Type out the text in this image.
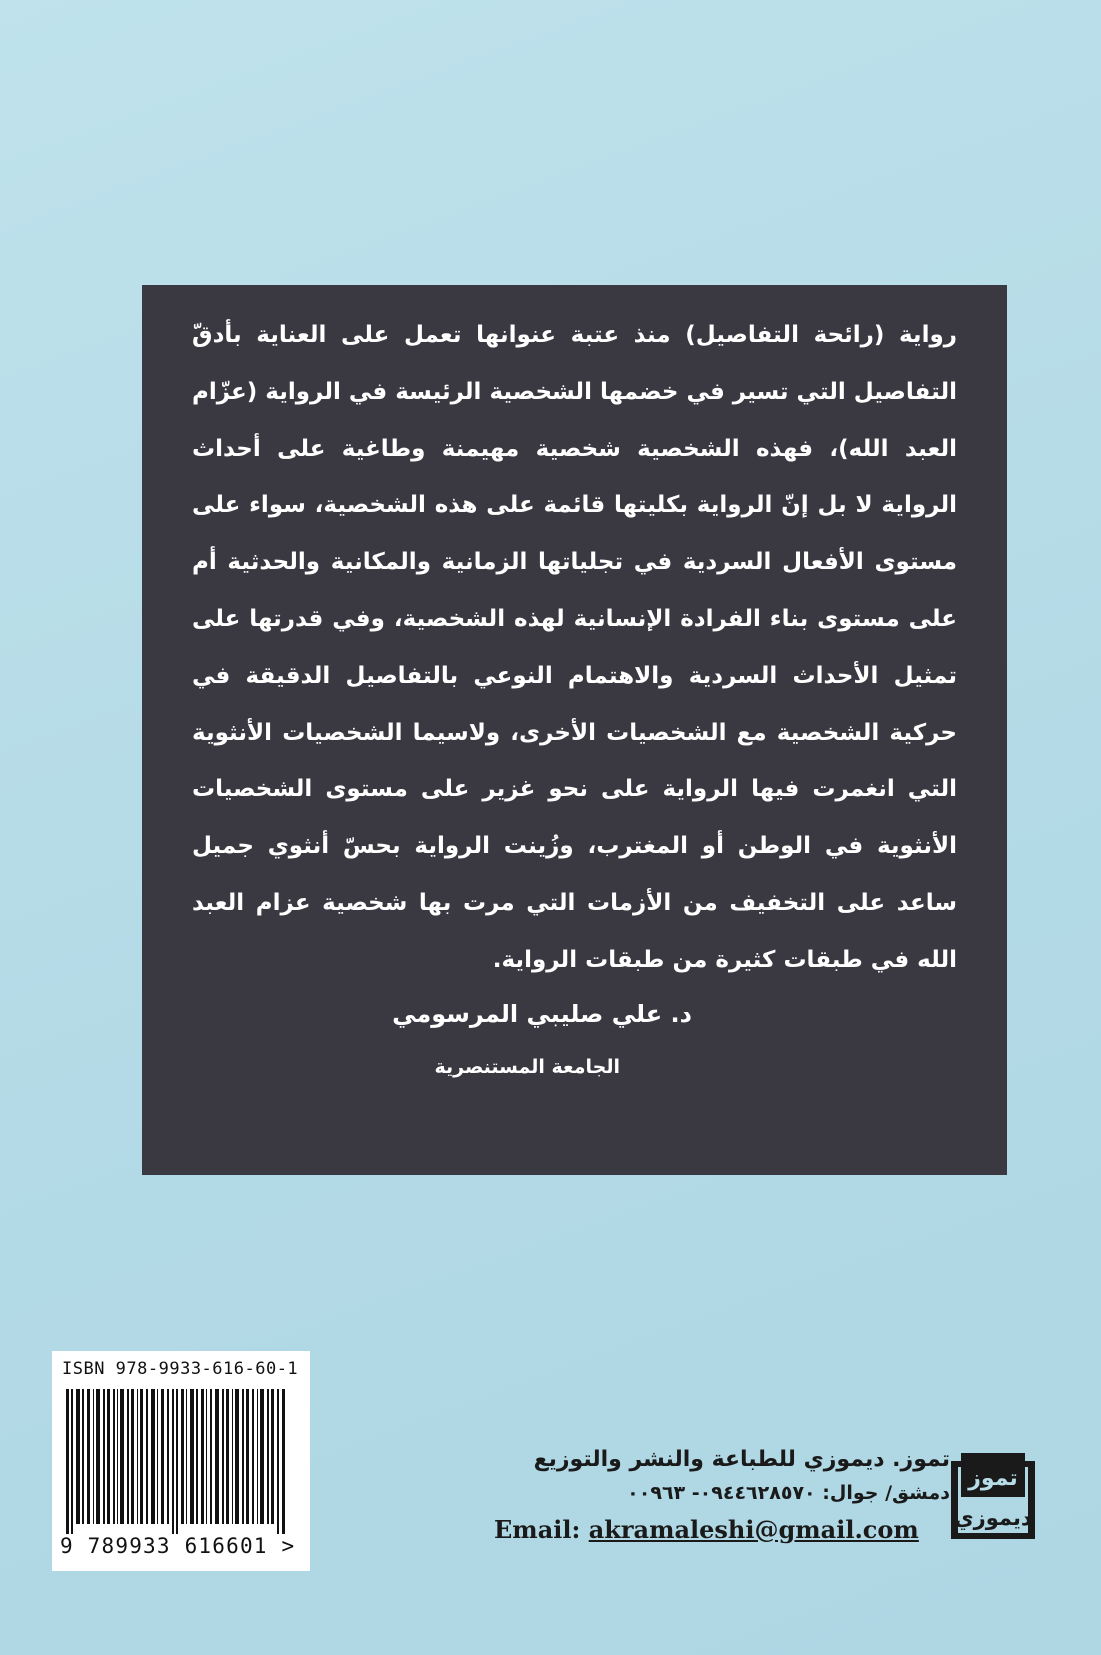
رواية (رائحة التفاصيل) منذ عتبة عنوانها تعمل على العناية بأدقّ التفاصيل التي تسير في خضمها الشخصية الرئيسة في الرواية (عزّام العبد الله)، فهذه الشخصية شخصية مهيمنة وطاغية على أحداث الرواية لا بل إنّ الرواية بكليتها قائمة على هذه الشخصية، سواء على مستوى الأفعال السردية في تجلياتها الزمانية والمكانية والحدثية أم على مستوى بناء الفرادة الإنسانية لهذه الشخصية، وفي قدرتها على تمثيل الأحداث السردية والاهتمام النوعي بالتفاصيل الدقيقة في حركية الشخصية مع الشخصيات الأخرى، ولاسيما الشخصيات الأنثوية التي انغمرت فيها الرواية على نحو غزير على مستوى الشخصيات الأنثوية في الوطن أو المغترب، وزُينت الرواية بحسّ أنثوي جميل ساعد على التخفيف من الأزمات التي مرت بها شخصية عزام العبد الله في طبقات كثيرة من طبقات الرواية.

د. علي صليبي المرسومي

الجامعة المستنصرية

ISBN 978-9933-616-60-1
9 789933 616601 >

تموز. ديموزي للطباعة والنشر والتوزيع

دمشق/ جوال: ٠٩٤٤٦٢٨٥٧٠- ٠٠٩٦٣

Email: akramaleshi@gmail.com
تموز
ديموزي
